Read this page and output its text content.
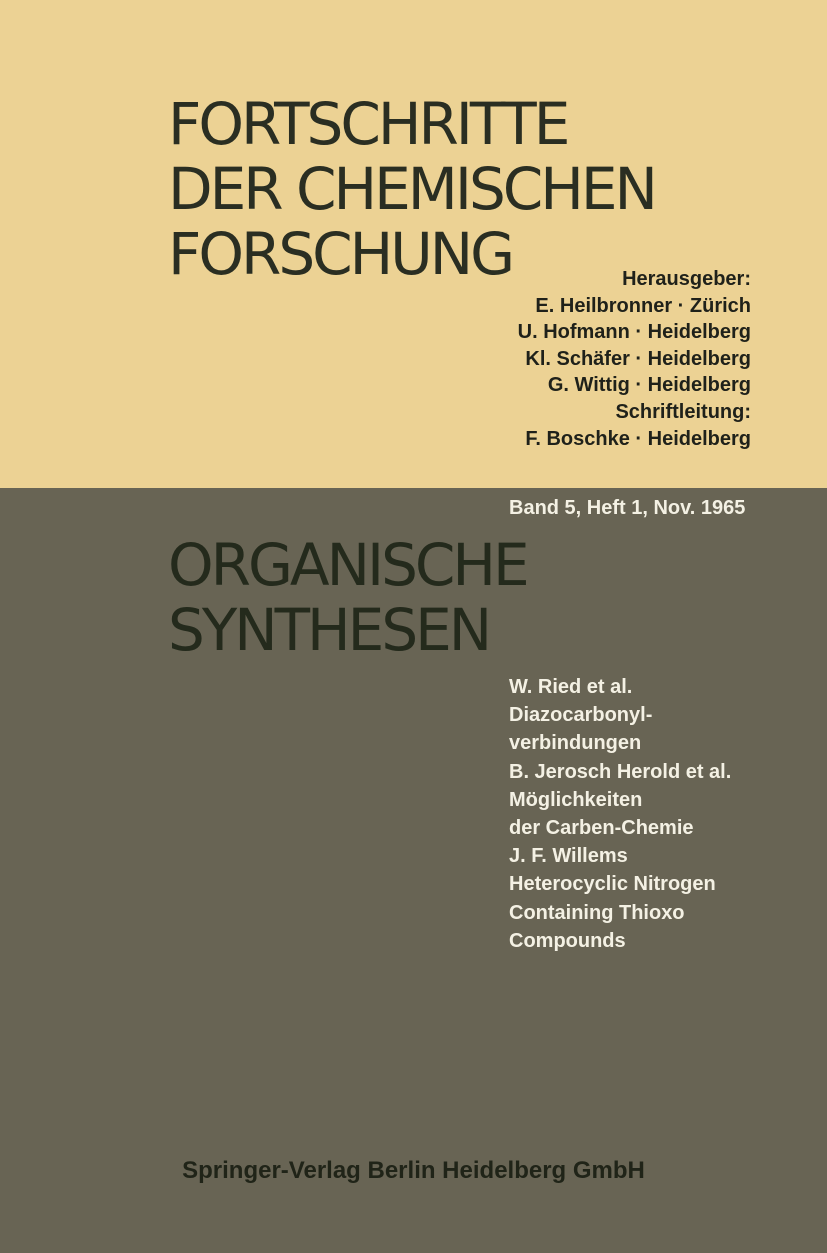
FORTSCHRITTE
DER CHEMISCHEN
FORSCHUNG	Herausgeber:
E. Heilbronner · Zürich
U. Hofmann · Heidelberg
Kl. Schäfer · Heidelberg
G. Wittig · Heidelberg
Schriftleitung:
F. Boschke · Heidelberg
Band 5, Heft 1, Nov. 1965
ORGANISCHE
SYNTHESEN
W. Ried et al.
Diazocarbonyl-
verbindungen
B. Jerosch Herold et al.
Möglichkeiten
der Carben-Chemie
J. F. Willems
Heterocyclic Nitrogen
Containing Thioxo
Compounds
Springer-Verlag Berlin Heidelberg GmbH
